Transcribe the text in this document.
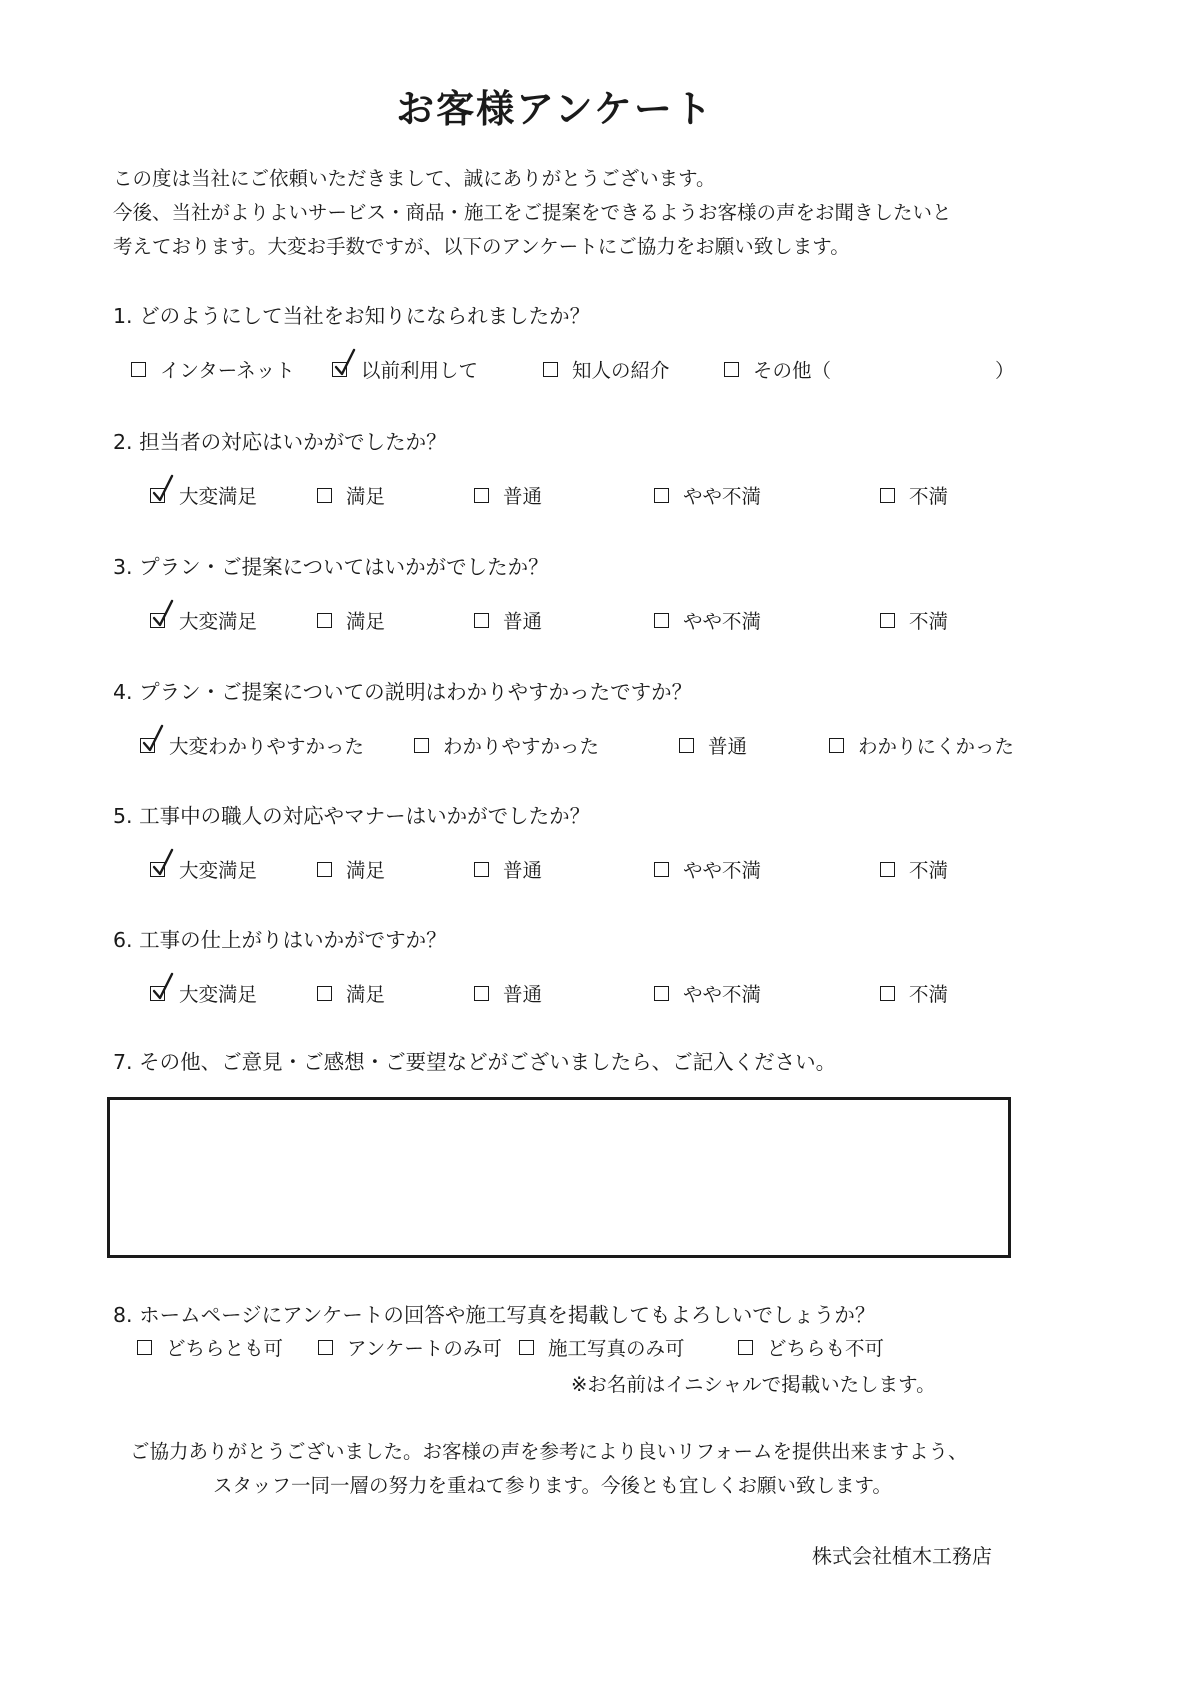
お客様アンケート
この度は当社にご依頼いただきまして、誠にありがとうございます。
今後、当社がよりよいサービス・商品・施工をご提案をできるようお客様の声をお聞きしたいと
考えております。大変お手数ですが、以下のアンケートにご協力をお願い致します。
1. どのようにして当社をお知りになられましたか？
インターネット	以前利用して	知人の紹介	その他（	）
2. 担当者の対応はいかがでしたか？
大変満足	満足	普通	やや不満	不満
3. プラン・ご提案についてはいかがでしたか？
大変満足	満足	普通	やや不満	不満
4. プラン・ご提案についての説明はわかりやすかったですか？
大変わかりやすかった	わかりやすかった	普通	わかりにくかった
5. 工事中の職人の対応やマナーはいかがでしたか？
大変満足	満足	普通	やや不満	不満
6. 工事の仕上がりはいかがですか？
大変満足	満足	普通	やや不満	不満
7. その他、ご意見・ご感想・ご要望などがございましたら、ご記入ください。
8. ホームページにアンケートの回答や施工写真を掲載してもよろしいでしょうか？
どちらとも可	アンケートのみ可 施工写真のみ可	どちらも不可
※お名前はイニシャルで掲載いたします。
ご協力ありがとうございました。お客様の声を参考により良いリフォームを提供出来ますよう、
スタッフ一同一層の努力を重ねて参ります。今後とも宜しくお願い致します。
株式会社植木工務店
